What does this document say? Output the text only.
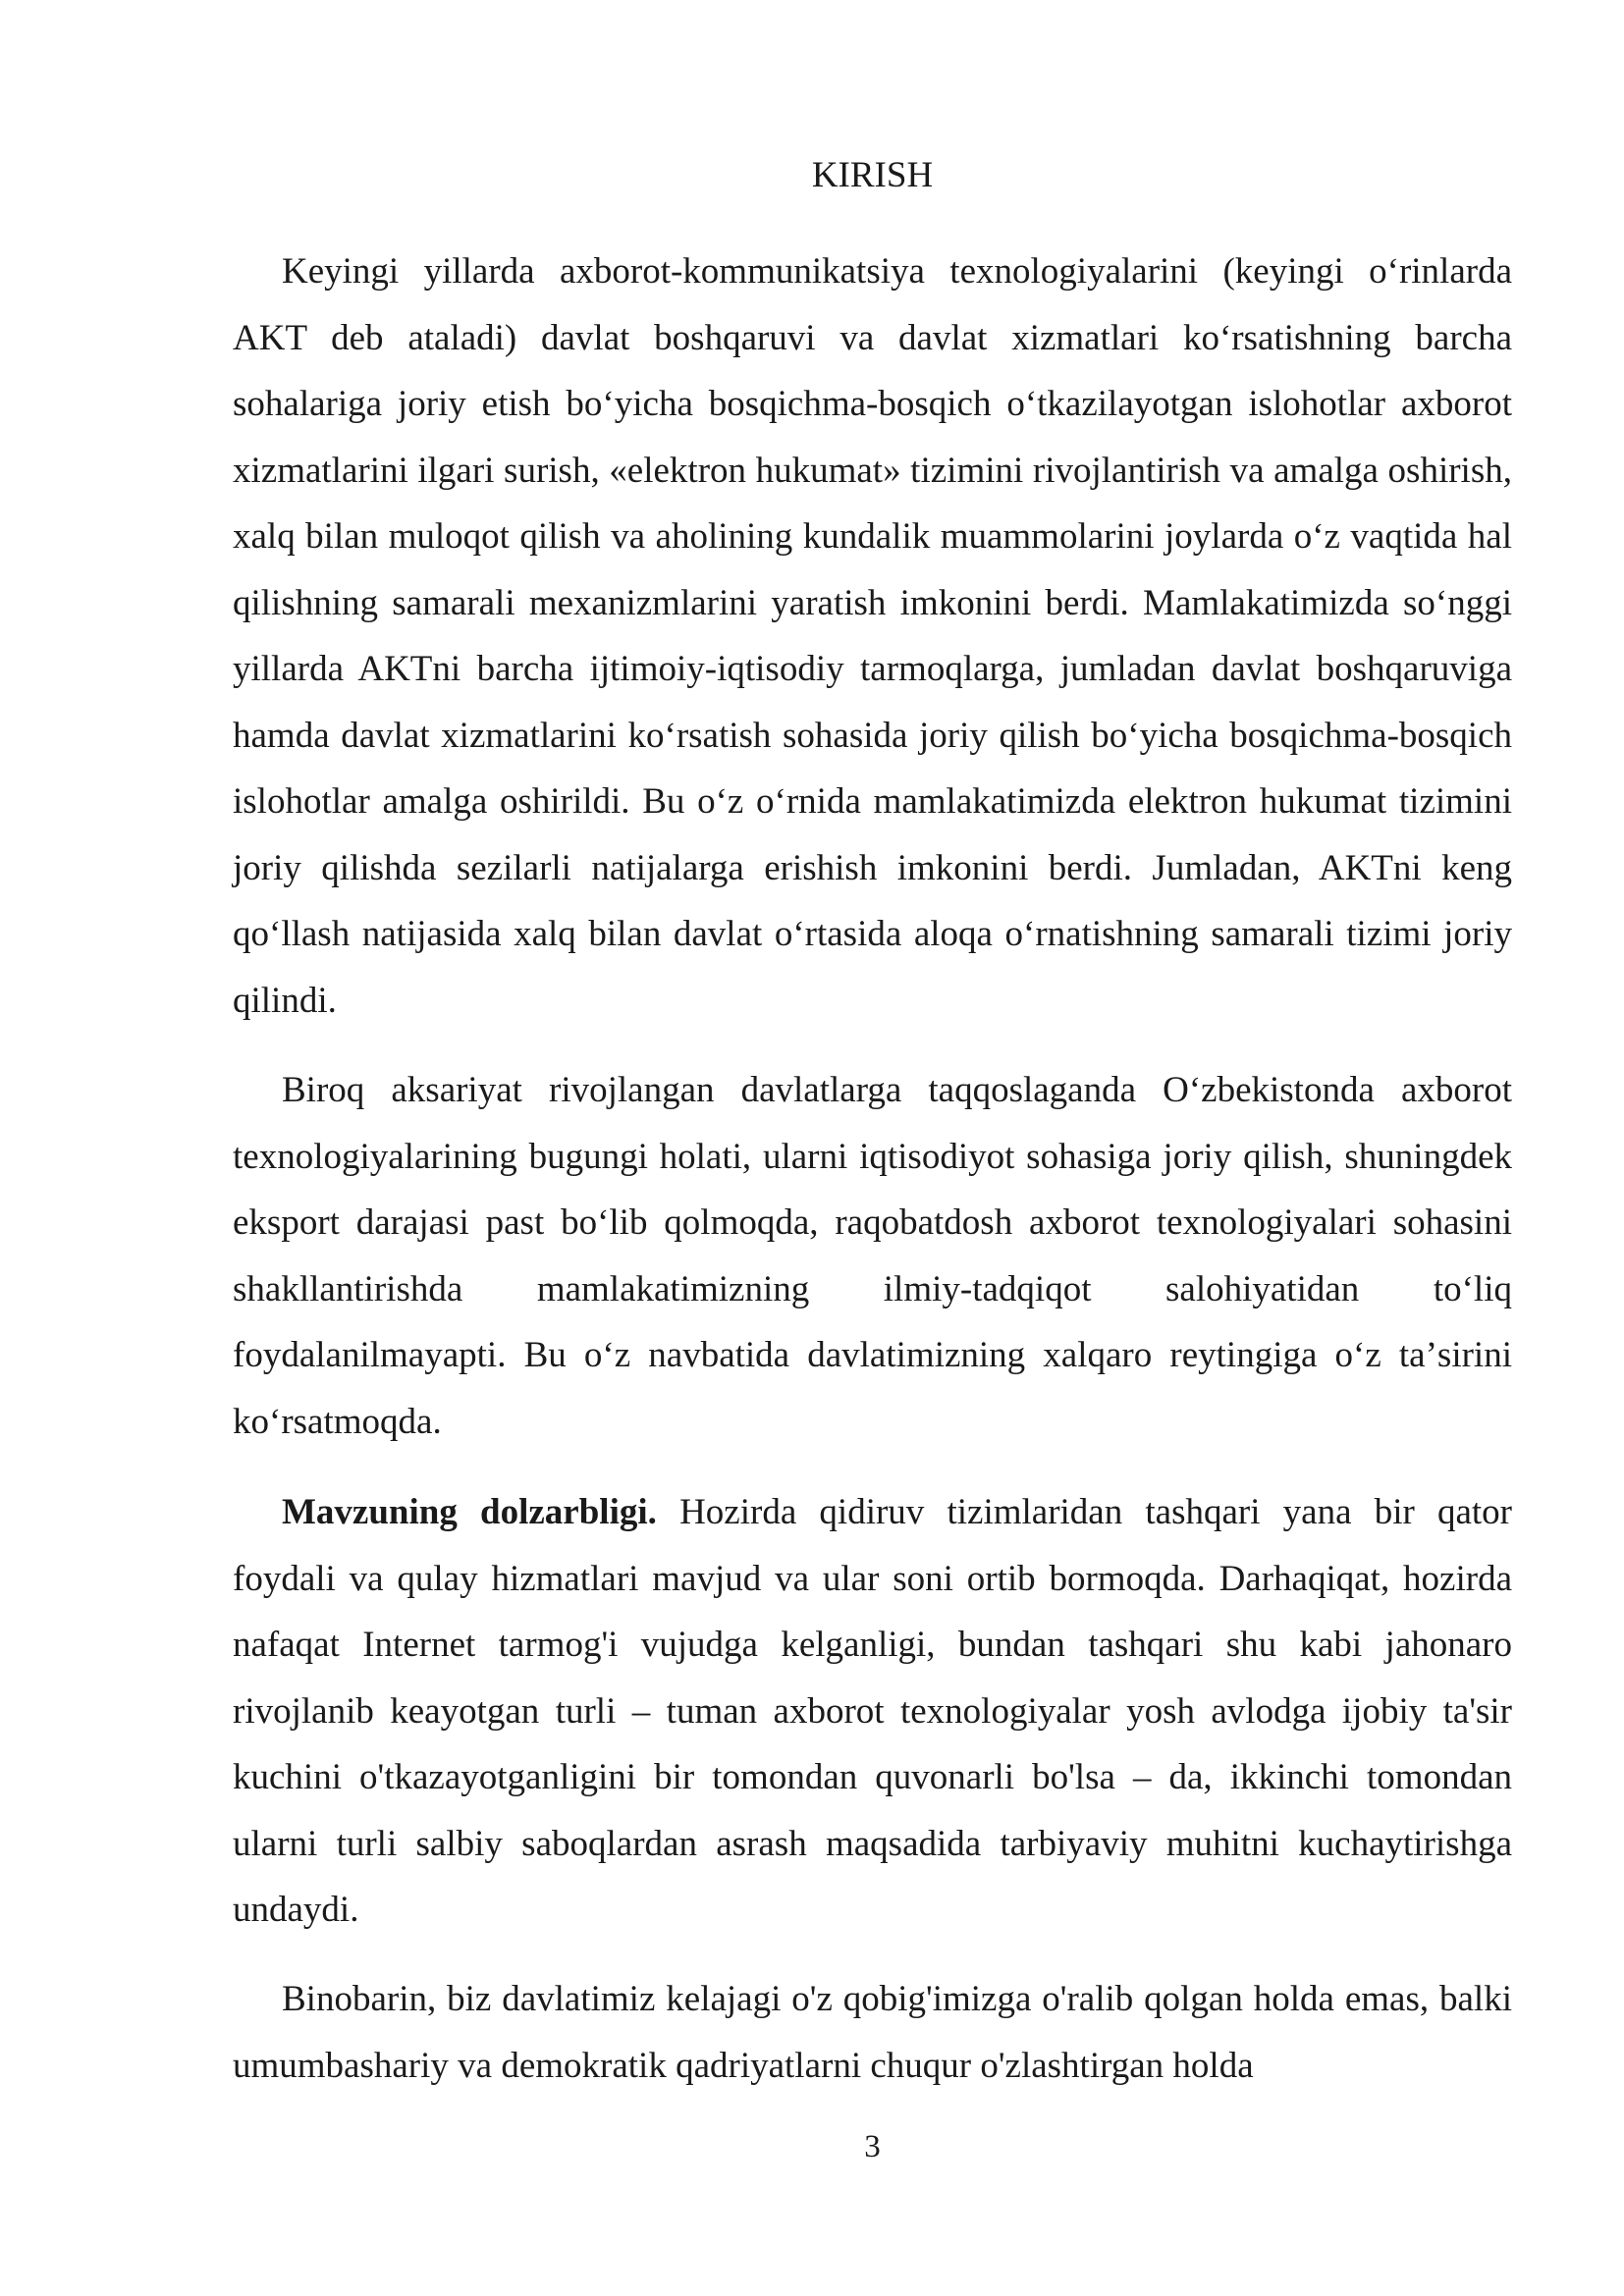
KIRISH

Keyingi yillarda axborot-kommunikatsiya texnologiyalarini (keyingi oʻrinlarda AKT deb ataladi) davlat boshqaruvi va davlat xizmatlari koʻrsatishning barcha sohalariga joriy etish boʻyicha bosqichma-bosqich oʻtkazilayotgan islohotlar axborot xizmatlarini ilgari surish, «elektron hukumat» tizimini rivojlantirish va amalga oshirish, xalq bilan muloqot qilish va aholining kundalik muammolarini joylarda oʻz vaqtida hal qilishning samarali mexanizmlarini yaratish imkonini berdi. Mamlakatimizda soʻnggi yillarda AKTni barcha ijtimoiy-iqtisodiy tarmoqlarga, jumladan davlat boshqaruviga hamda davlat xizmatlarini koʻrsatish sohasida joriy qilish boʻyicha bosqichma-bosqich islohotlar amalga oshirildi. Bu oʻz oʻrnida mamlakatimizda elektron hukumat tizimini joriy qilishda sezilarli natijalarga erishish imkonini berdi. Jumladan, AKTni keng qoʻllash natijasida xalq bilan davlat oʻrtasida aloqa oʻrnatishning samarali tizimi joriy qilindi.

Biroq aksariyat rivojlangan davlatlarga taqqoslaganda Oʻzbekistonda axborot texnologiyalarining bugungi holati, ularni iqtisodiyot sohasiga joriy qilish, shuningdek eksport darajasi past boʻlib qolmoqda, raqobatdosh axborot texnologiyalari sohasini shakllantirishda mamlakatimizning ilmiy-tadqiqot salohiyatidan toʻliq foydalanilmayapti. Bu oʻz navbatida davlatimizning xalqaro reytingiga oʻz taʼsirini koʻrsatmoqda.

Mavzuning dolzarbligi. Hozirda qidiruv tizimlaridan tashqari yana bir qator foydali va qulay hizmatlari mavjud va ular soni ortib bormoqda. Darhaqiqat, hozirda nafaqat Internet tarmog'i vujudga kelganligi, bundan tashqari shu kabi jahonaro rivojlanib keayotgan turli – tuman axborot texnologiyalar yosh avlodga ijobiy ta'sir kuchini o'tkazayotganligini bir tomondan quvonarli bo'lsa – da, ikkinchi tomondan ularni turli salbiy saboqlardan asrash maqsadida tarbiyaviy muhitni kuchaytirishga undaydi.

Binobarin, biz davlatimiz kelajagi o'z qobig'imizga o'ralib qolgan holda emas, balki umumbashariy va demokratik qadriyatlarni chuqur o'zlashtirgan holda

3
